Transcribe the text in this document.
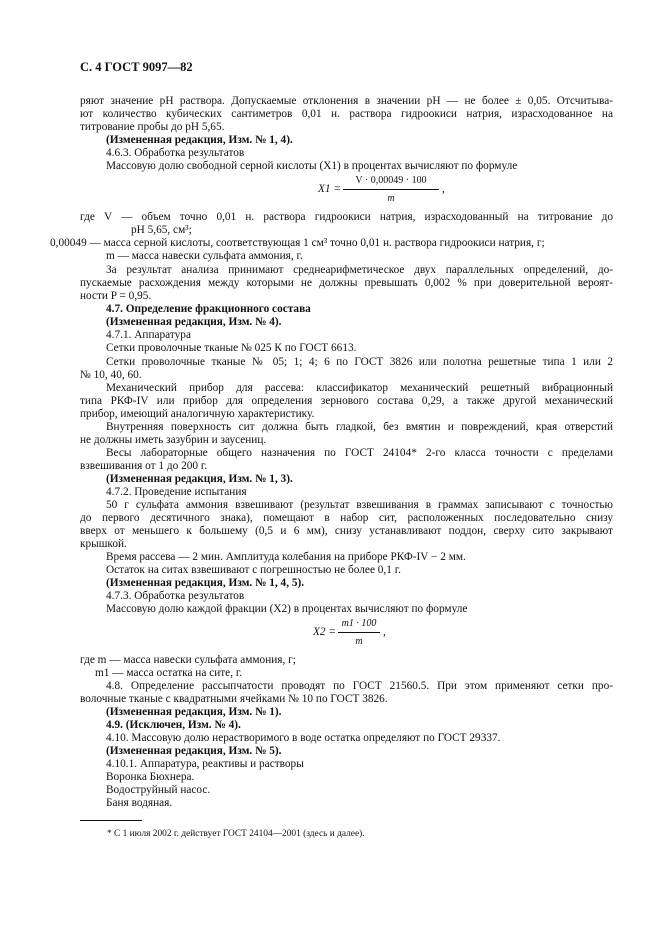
С. 4 ГОСТ 9097—82
ряют значение pH раствора. Допускаемые отклонения в значении pH — не более ± 0,05. Отсчитыва-
ют количество кубических сантиметров 0,01 н. раствора гидроокиси натрия, израсходованное на
титрование пробы до pH 5,65.
(Измененная редакция, Изм. № 1, 4).
4.6.3. Обработка результатов
Массовую долю свободной серной кислоты (X1) в процентах вычисляют по формуле
X1 =
V · 0,00049 · 100
m
,
где V — объем точно 0,01 н. раствора гидроокиси натрия, израсходованный на титрование до
pH 5,65, см³;
0,00049 — масса серной кислоты, соответствующая 1 см³ точно 0,01 н. раствора гидроокиси натрия, г;
m — масса навески сульфата аммония, г.
За результат анализа принимают среднеарифметическое двух параллельных определений, до-
пускаемые расхождения между которыми не должны превышать 0,002 % при доверительной вероят-
ности P = 0,95.
4.7. Определение фракционного состава
(Измененная редакция, Изм. № 4).
4.7.1. Аппаратура
Сетки проволочные тканые № 025 К по ГОСТ 6613.
Сетки проволочные тканые № 05; 1; 4; 6 по ГОСТ 3826 или полотна решетные типа 1 или 2
№ 10, 40, 60.
Механический прибор для рассева: классификатор механический решетный вибрационный
типа РКФ-IV или прибор для определения зернового состава 0,29, а также другой механический
прибор, имеющий аналогичную характеристику.
Внутренняя поверхность сит должна быть гладкой, без вмятин и повреждений, края отверстий
не должны иметь зазубрин и заусениц.
Весы лабораторные общего назначения по ГОСТ 24104* 2-го класса точности с пределами
взвешивания от 1 до 200 г.
(Измененная редакция, Изм. № 1, 3).
4.7.2. Проведение испытания
50 г сульфата аммония взвешивают (результат взвешивания в граммах записывают с точностью
до первого десятичного знака), помещают в набор сит, расположенных последовательно снизу
вверх от меньшего к большему (0,5 и 6 мм), снизу устанавливают поддон, сверху сито закрывают
крышкой.
Время рассева — 2 мин. Амплитуда колебания на приборе РКФ-IV − 2 мм.
Остаток на ситах взвешивают с погрешностью не более 0,1 г.
(Измененная редакция, Изм. № 1, 4, 5).
4.7.3. Обработка результатов
Массовую долю каждой фракции (X2) в процентах вычисляют по формуле
X2 =
m1 · 100
m
,
где m — масса навески сульфата аммония, г;
m1 — масса остатка на сите, г.
4.8. Определение рассыпчатости проводят по ГОСТ 21560.5. При этом применяют сетки про-
волочные тканые с квадратными ячейками № 10 по ГОСТ 3826.
(Измененная редакция, Изм. № 1).
4.9. (Исключен, Изм. № 4).
4.10. Массовую долю нерастворимого в воде остатка определяют по ГОСТ 29337.
(Измененная редакция, Изм. № 5).
4.10.1. Аппаратура, реактивы и растворы
Воронка Бюхнера.
Водоструйный насос.
Баня водяная.
* С 1 июля 2002 г. действует ГОСТ 24104—2001 (здесь и далее).
